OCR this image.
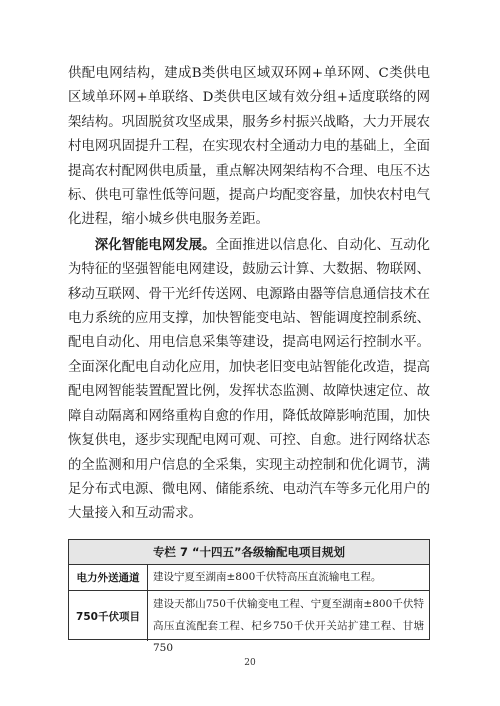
供配电网结构，建成B类供电区域双环网+单环网、C类供电区域单环网+单联络、D类供电区域有效分组+适度联络的网架结构。巩固脱贫攻坚成果，服务乡村振兴战略，大力开展农村电网巩固提升工程，在实现农村全通动力电的基础上，全面提高农村配网供电质量，重点解决网架结构不合理、电压不达标、供电可靠性低等问题，提高户均配变容量，加快农村电气化进程，缩小城乡供电服务差距。

深化智能电网发展。全面推进以信息化、自动化、互动化为特征的坚强智能电网建设，鼓励云计算、大数据、物联网、移动互联网、骨干光纤传送网、电源路由器等信息通信技术在电力系统的应用支撑，加快智能变电站、智能调度控制系统、配电自动化、用电信息采集等建设，提高电网运行控制水平。全面深化配电自动化应用，加快老旧变电站智能化改造，提高配电网智能装置配置比例，发挥状态监测、故障快速定位、故障自动隔离和网络重构自愈的作用，降低故障影响范围，加快恢复供电，逐步实现配电网可观、可控、自愈。进行网络状态的全监测和用户信息的全采集，实现主动控制和优化调节，满足分布式电源、微电网、储能系统、电动汽车等多元化用户的大量接入和互动需求。

专栏 7 “十四五”各级输配电项目规划
电力外送通道	建设宁夏至湖南±800千伏特高压直流输电工程。
750千伏项目
建设天都山750千伏输变电工程、宁夏至湖南±800千伏特高压直流配套工程、杞乡750千伏开关站扩建工程、甘塘750
20
